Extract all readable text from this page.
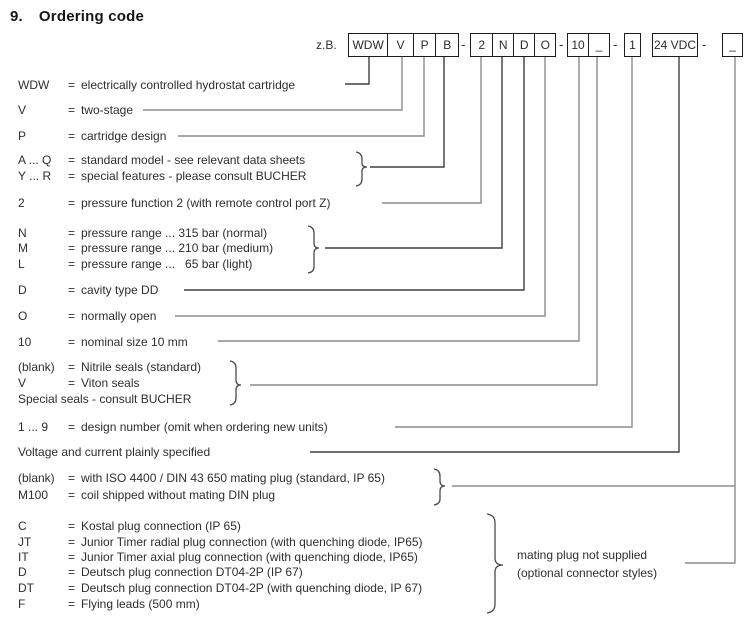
9. Ordering code
z.B. WDW	V	P	B -	2	N	D	O - 10 _ - 1	24 VDC -	_
WDW	= electrically controlled hydrostat cartridge
V	= two-stage
P	= cartridge design
A ... Q	= standard model - see relevant data sheets
Y ... R	= special features - please consult BUCHER
2	= pressure function 2 (with remote control port Z)
N	= pressure range ... 315 bar (normal)
M	= pressure range ... 210 bar (medium)
L	= pressure range ...   65 bar (light)
D	= cavity type DD
O	= normally open
10	= nominal size 10 mm
(blank)	= Nitrile seals (standard)
V	= Viton seals
Special seals - consult BUCHER
1 ... 9	= design number (omit when ordering new units)
Voltage and current plainly specified
(blank)	= with ISO 4400 / DIN 43 650 mating plug (standard, IP 65)
M100	= coil shipped without mating DIN plug
C	= Kostal plug connection (IP 65)
JT	= Junior Timer radial plug connection (with quenching diode, IP65)
IT	= Junior Timer axial plug connection (with quenching diode, IP65)
D	= Deutsch plug connection DT04-2P (IP 67)
DT	= Deutsch plug connection DT04-2P (with quenching diode, IP 67)
F	= Flying leads (500 mm)
mating plug not supplied
(optional connector styles)
